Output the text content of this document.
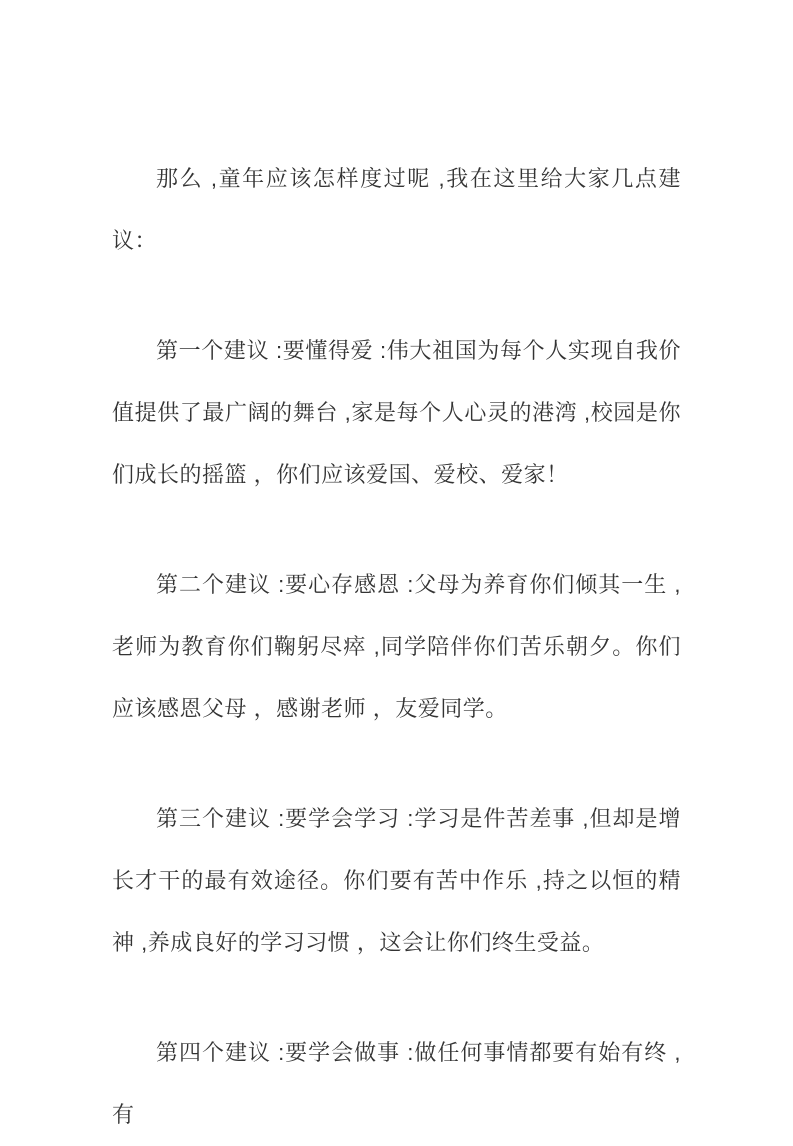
那么 ,童年应该怎样度过呢 ,我在这里给大家几点建议：

第一个建议 :要懂得爱 :伟大祖国为每个人实现自我价值提供了最广阔的舞台 ,家是每个人心灵的港湾 ,校园是你们成长的摇篮 ，你们应该爱国、爱校、爱家！

第二个建议 :要心存感恩 :父母为养育你们倾其一生 ,老师为教育你们鞠躬尽瘁 ,同学陪伴你们苦乐朝夕。你们应该感恩父母 ，感谢老师 ，友爱同学。

第三个建议 :要学会学习 :学习是件苦差事 ,但却是增长才干的最有效途径。你们要有苦中作乐 ,持之以恒的精神 ,养成良好的学习习惯 ，这会让你们终生受益。

第四个建议 :要学会做事 :做任何事情都要有始有终 ,有
